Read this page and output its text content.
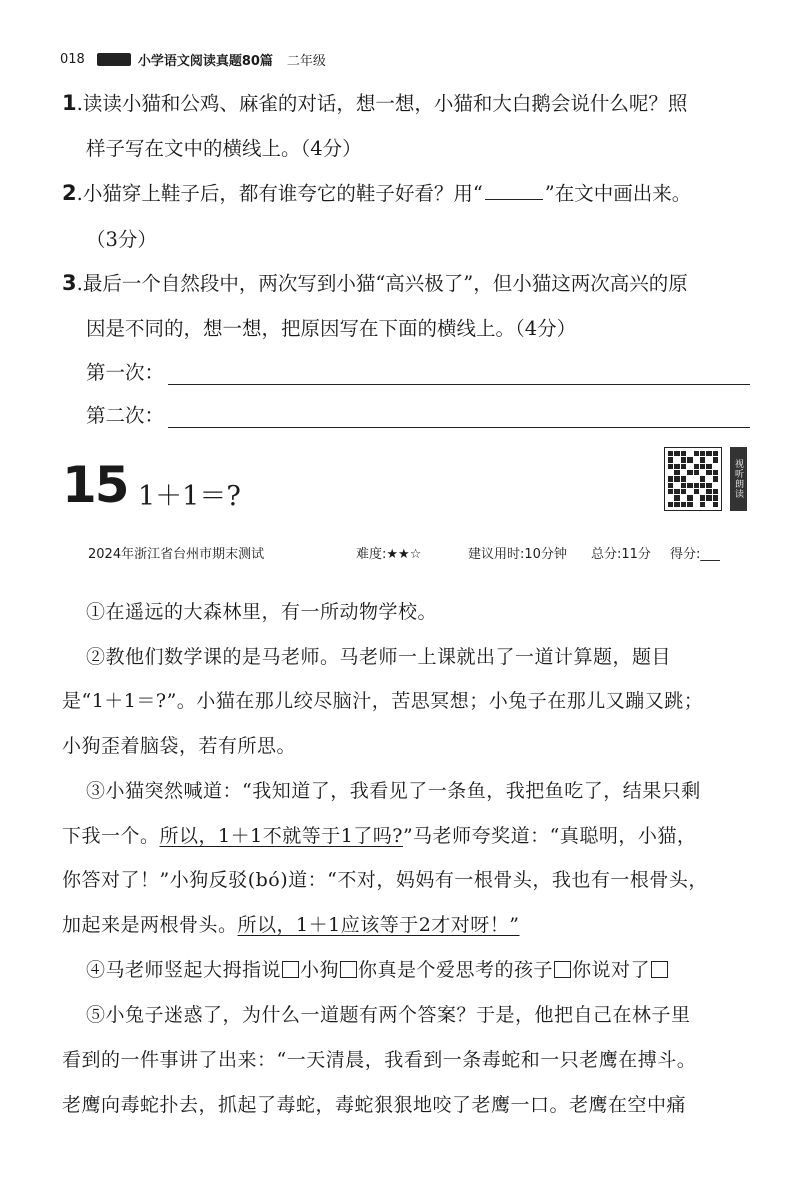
018	小学语文阅读真题80篇 二年级
1.读读小猫和公鸡、麻雀的对话，想一想，小猫和大白鹅会说什么呢？照
样子写在文中的横线上。（4分）
2.小猫穿上鞋子后，都有谁夸它的鞋子好看？用“	”在文中画出来。
（3分）
3.最后一个自然段中，两次写到小猫“高兴极了”，但小猫这两次高兴的原
因是不同的，想一想，把原因写在下面的横线上。（4分）
第一次：
第二次：
15 1＋1＝?	视听朗读
2024年浙江省台州市期末测试	难度:★★☆	建议用时:10分钟 总分:11分 得分:___
①在遥远的大森林里，有一所动物学校。
②教他们数学课的是马老师。马老师一上课就出了一道计算题，题目
是“1＋1＝?”。小猫在那儿绞尽脑汁，苦思冥想；小兔子在那儿又蹦又跳；
小狗歪着脑袋，若有所思。
③小猫突然喊道：“我知道了，我看见了一条鱼，我把鱼吃了，结果只剩
下我一个。所以，1＋1不就等于1了吗?”马老师夸奖道：“真聪明，小猫，
你答对了！”小狗反驳(bó)道：“不对，妈妈有一根骨头，我也有一根骨头，
加起来是两根骨头。所以，1＋1应该等于2才对呀！”
④马老师竖起大拇指说 小狗 你真是个爱思考的孩子 你说对了
⑤小兔子迷惑了，为什么一道题有两个答案？于是，他把自己在林子里
看到的一件事讲了出来：“一天清晨，我看到一条毒蛇和一只老鹰在搏斗。
老鹰向毒蛇扑去，抓起了毒蛇，毒蛇狠狠地咬了老鹰一口。老鹰在空中痛
